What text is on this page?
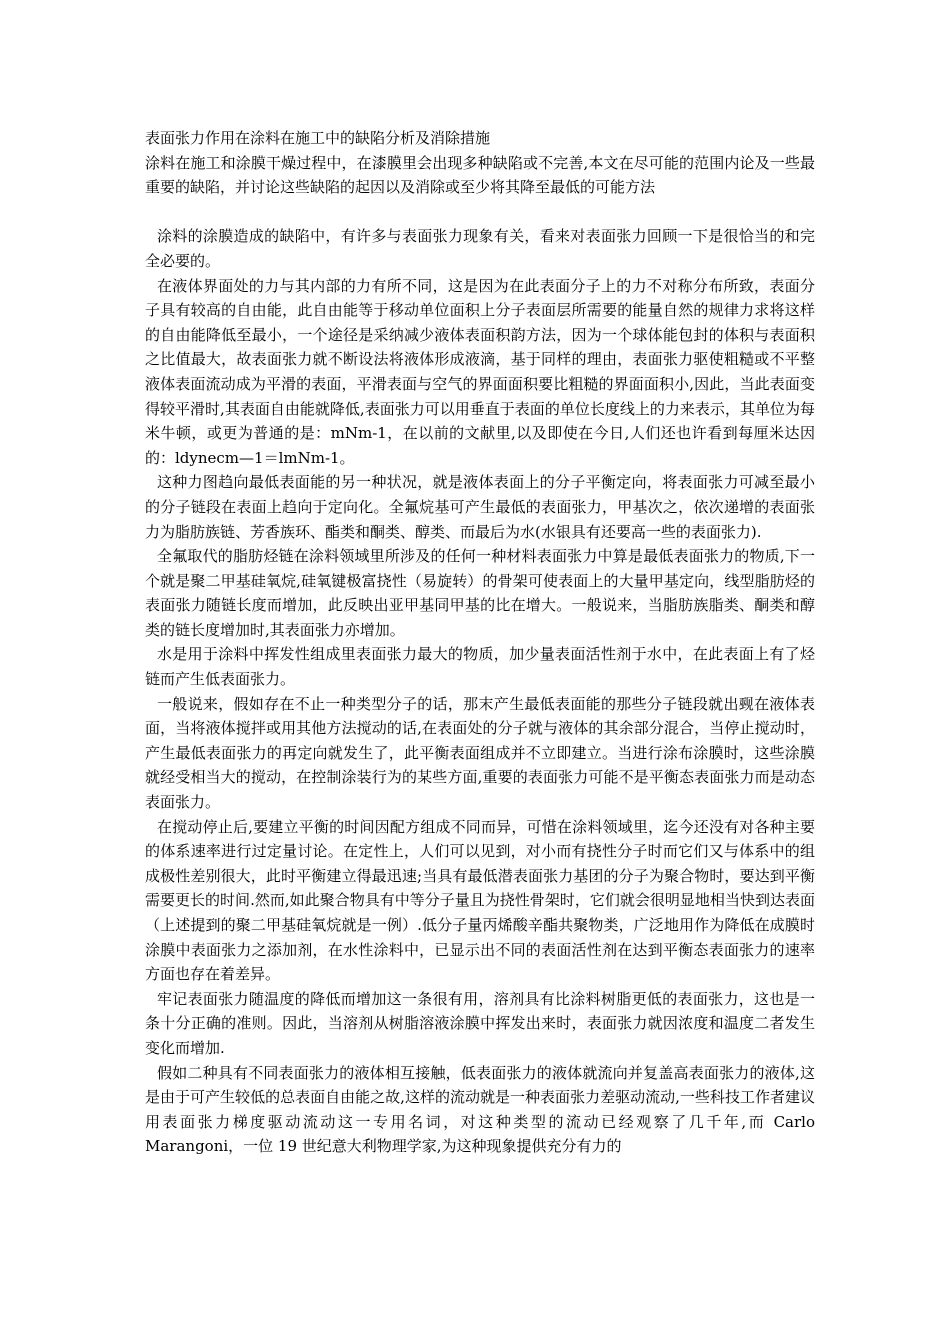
表面张力作用在涂料在施工中的缺陷分析及消除措施

涂料在施工和涂膜干燥过程中，在漆膜里会出现多种缺陷或不完善,本文在尽可能的范围内论及一些最重要的缺陷，并讨论这些缺陷的起因以及消除或至少将其降至最低的可能方法

涂料的涂膜造成的缺陷中，有许多与表面张力现象有关，看来对表面张力回顾一下是很恰当的和完全必要的。

在液体界面处的力与其内部的力有所不同，这是因为在此表面分子上的力不对称分布所致，表面分子具有较高的自由能，此自由能等于移动单位面积上分子表面层所需要的能量自然的规律力求将这样的自由能降低至最小，一个途径是采纳减少液体表面积韵方法，因为一个球体能包封的体积与表面积之比值最大，故表面张力就不断设法将液体形成液滴，基于同样的理由，表面张力驱使粗糙或不平整液体表面流动成为平滑的表面，平滑表面与空气的界面面积要比粗糙的界面面积小,因此，当此表面变得较平滑时,其表面自由能就降低,表面张力可以用垂直于表面的单位长度线上的力来表示，其单位为每米牛顿，或更为普通的是：mNm-1，在以前的文献里,以及即使在今日,人们还也许看到每厘米达因的：ldynecm—1＝lmNm-1。

这种力图趋向最低表面能的另一种状况，就是液体表面上的分子平衡定向，将表面张力可减至最小的分子链段在表面上趋向于定向化。全氟烷基可产生最低的表面张力，甲基次之，依次递增的表面张力为脂肪族链、芳香族环、酯类和酮类、醇类、而最后为水(水银具有还要高一些的表面张力).

全氟取代的脂肪烃链在涂料领域里所涉及的任何一种材料表面张力中算是最低表面张力的物质,下一个就是聚二甲基硅氧烷,硅氧键极富挠性（易旋转）的骨架可使表面上的大量甲基定向，线型脂肪烃的表面张力随链长度而增加，此反映出亚甲基同甲基的比在增大。一般说来，当脂肪族脂类、酮类和醇类的链长度增加时,其表面张力亦增加。

水是用于涂料中挥发性组成里表面张力最大的物质，加少量表面活性剂于水中，在此表面上有了烃链而产生低表面张力。

一般说来，假如存在不止一种类型分子的话，那末产生最低表面能的那些分子链段就出觋在液体表面，当将液体搅拌或用其他方法搅动的话,在表面处的分子就与液体的其余部分混合，当停止搅动时，产生最低表面张力的再定向就发生了，此平衡表面组成并不立即建立。当进行涂布涂膜时，这些涂膜就经受相当大的搅动，在控制涂装行为的某些方面,重要的表面张力可能不是平衡态表面张力而是动态表面张力。

在搅动停止后,要建立平衡的时间因配方组成不同而异，可惜在涂料领域里，迄今还没有对各种主要的体系速率进行过定量讨论。在定性上，人们可以见到，对小而有挠性分子时而它们又与体系中的组成极性差别很大，此时平衡建立得最迅速;当具有最低潜表面张力基团的分子为聚合物时，要达到平衡需要更长的时间.然而,如此聚合物具有中等分子量且为挠性骨架时，它们就会很明显地相当快到达表面（上述提到的聚二甲基硅氧烷就是一例）.低分子量丙烯酸辛酯共聚物类，广泛地用作为降低在成膜时涂膜中表面张力之添加剂，在水性涂料中，已显示出不同的表面活性剂在达到平衡态表面张力的速率方面也存在着差异。

牢记表面张力随温度的降低而增加这一条很有用，溶剂具有比涂料树脂更低的表面张力，这也是一条十分正确的准则。因此，当溶剂从树脂溶液涂膜中挥发出来时，表面张力就因浓度和温度二者发生变化而增加.

假如二种具有不同表面张力的液体相互接触，低表面张力的液体就流向并复盖高表面张力的液体,这是由于可产生较低的总表面自由能之故,这样的流动就是一种表面张力差驱动流动,一些科技工作者建议用表面张力梯度驱动流动这一专用名词，对这种类型的流动已经观察了几千年,而 Carlo Marangoni，一位 19 世纪意大利物理学家,为这种现象提供充分有力的
